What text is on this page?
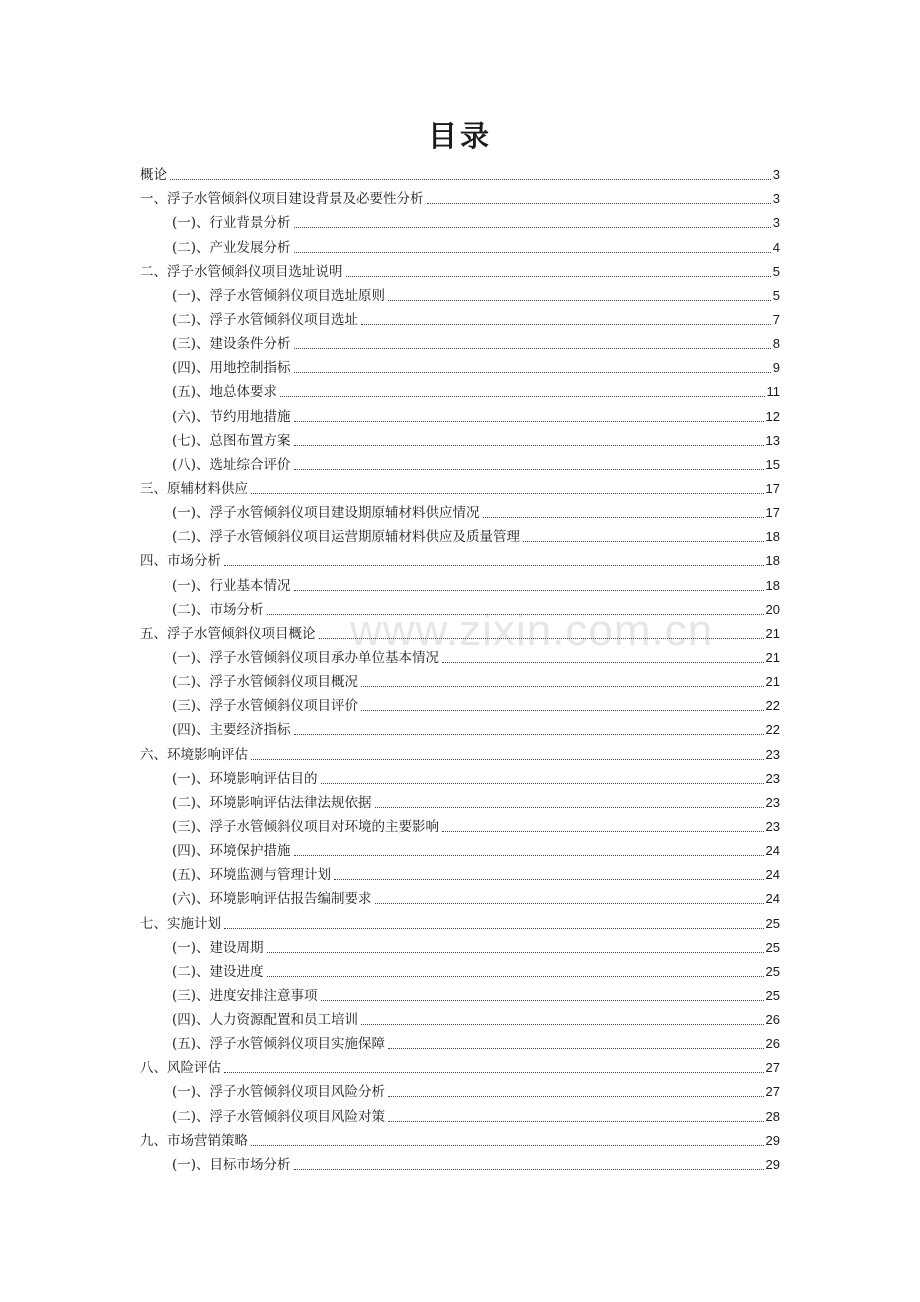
www.zixin.com.cn
目录
概论	3
一、浮子水管倾斜仪项目建设背景及必要性分析	3
(一)、行业背景分析	3
(二)、产业发展分析	4
二、浮子水管倾斜仪项目选址说明	5
(一)、浮子水管倾斜仪项目选址原则	5
(二)、浮子水管倾斜仪项目选址	7
(三)、建设条件分析	8
(四)、用地控制指标	9
(五)、地总体要求	11
(六)、节约用地措施	12
(七)、总图布置方案	13
(八)、选址综合评价	15
三、原辅材料供应	17
(一)、浮子水管倾斜仪项目建设期原辅材料供应情况	17
(二)、浮子水管倾斜仪项目运营期原辅材料供应及质量管理	18
四、市场分析	18
(一)、行业基本情况	18
(二)、市场分析	20
五、浮子水管倾斜仪项目概论	21
(一)、浮子水管倾斜仪项目承办单位基本情况	21
(二)、浮子水管倾斜仪项目概况	21
(三)、浮子水管倾斜仪项目评价	22
(四)、主要经济指标	22
六、环境影响评估	23
(一)、环境影响评估目的	23
(二)、环境影响评估法律法规依据	23
(三)、浮子水管倾斜仪项目对环境的主要影响	23
(四)、环境保护措施	24
(五)、环境监测与管理计划	24
(六)、环境影响评估报告编制要求	24
七、实施计划	25
(一)、建设周期	25
(二)、建设进度	25
(三)、进度安排注意事项	25
(四)、人力资源配置和员工培训	26
(五)、浮子水管倾斜仪项目实施保障	26
八、风险评估	27
(一)、浮子水管倾斜仪项目风险分析	27
(二)、浮子水管倾斜仪项目风险对策	28
九、市场营销策略	29
(一)、目标市场分析	29
